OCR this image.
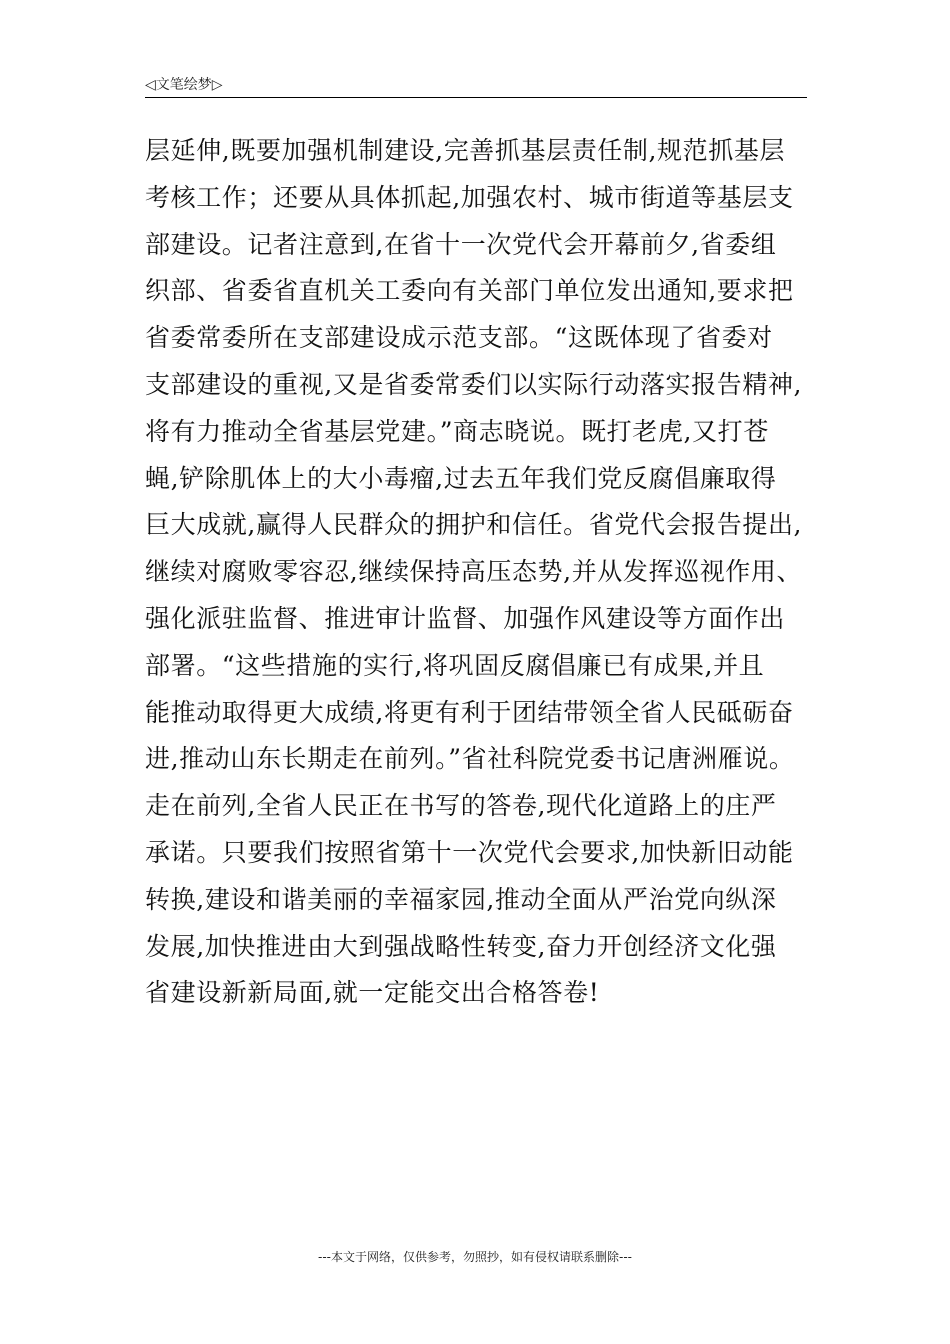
◁文笔绘梦▷
层延伸,既要加强机制建设,完善抓基层责任制,规范抓基层
考核工作；还要从具体抓起,加强农村、城市街道等基层支
部建设。记者注意到,在省十一次党代会开幕前夕,省委组
织部、省委省直机关工委向有关部门单位发出通知,要求把
省委常委所在支部建设成示范支部。“这既体现了省委对
支部建设的重视,又是省委常委们以实际行动落实报告精神,
将有力推动全省基层党建。”商志晓说。既打老虎,又打苍
蝇,铲除肌体上的大小毒瘤,过去五年我们党反腐倡廉取得
巨大成就,赢得人民群众的拥护和信任。省党代会报告提出,
继续对腐败零容忍,继续保持高压态势,并从发挥巡视作用、
强化派驻监督、推进审计监督、加强作风建设等方面作出
部署。“这些措施的实行,将巩固反腐倡廉已有成果,并且
能推动取得更大成绩,将更有利于团结带领全省人民砥砺奋
进,推动山东长期走在前列。”省社科院党委书记唐洲雁说。
走在前列,全省人民正在书写的答卷,现代化道路上的庄严
承诺。只要我们按照省第十一次党代会要求,加快新旧动能
转换,建设和谐美丽的幸福家园,推动全面从严治党向纵深
发展,加快推进由大到强战略性转变,奋力开创经济文化强
省建设新新局面,就一定能交出合格答卷!
---本文于网络，仅供参考，勿照抄，如有侵权请联系删除---
